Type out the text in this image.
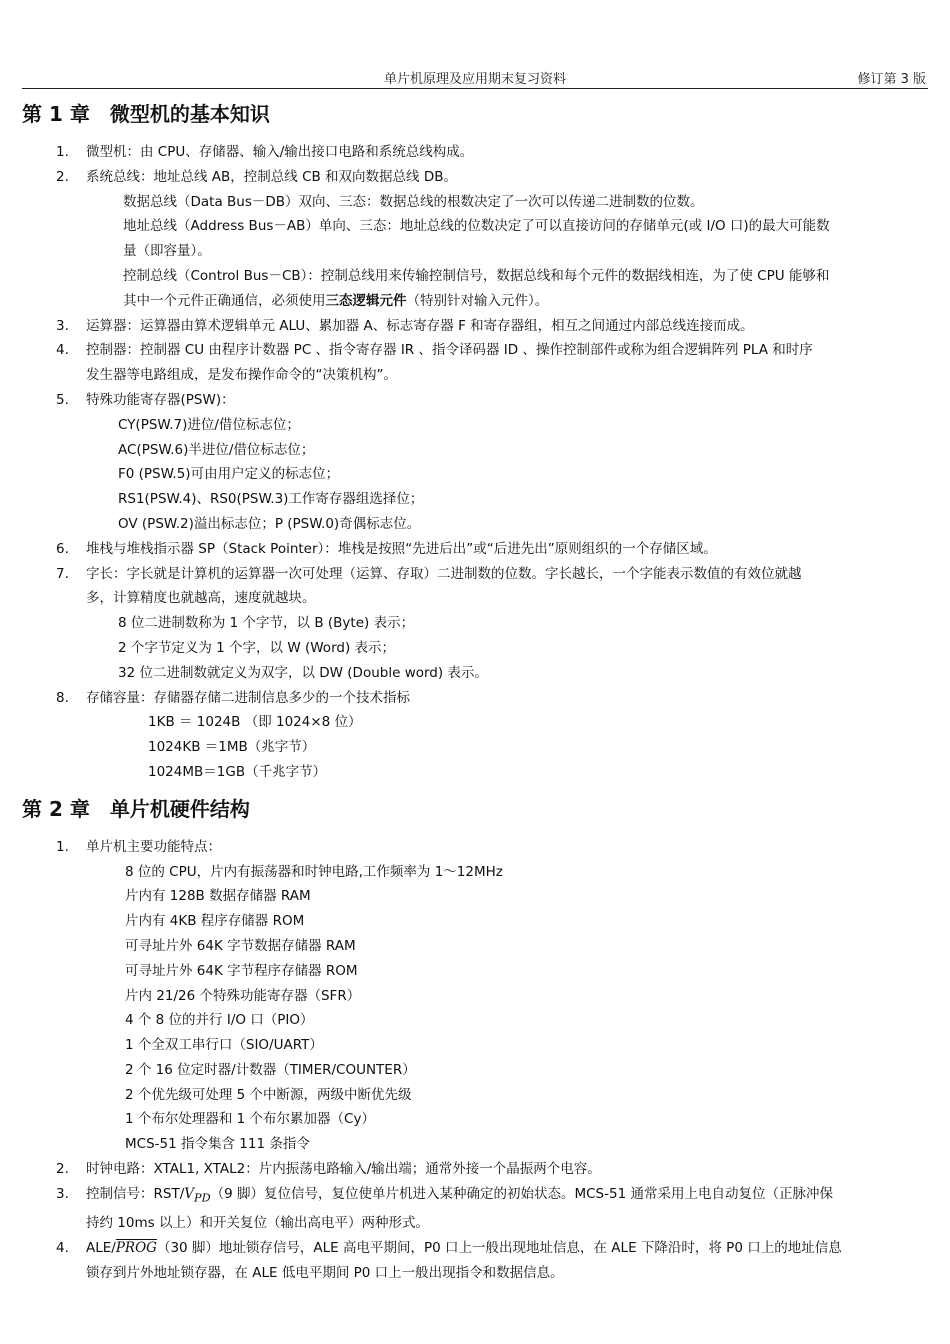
单片机原理及应用期末复习资料	修订第 3 版
第 1 章 微型机的基本知识
1. 微型机：由 CPU、存储器、输入/输出接口电路和系统总线构成。
2. 系统总线：地址总线 AB，控制总线 CB 和双向数据总线 DB。
数据总线（Data Bus－DB）双向、三态：数据总线的根数决定了一次可以传递二进制数的位数。
地址总线（Address Bus－AB）单向、三态：地址总线的位数决定了可以直接访问的存储单元(或 I/O 口)的最大可能数
量（即容量）。
控制总线（Control Bus－CB）：控制总线用来传输控制信号，数据总线和每个元件的数据线相连，为了使 CPU 能够和
其中一个元件正确通信，必须使用三态逻辑元件（特别针对输入元件）。
3. 运算器：运算器由算术逻辑单元 ALU、累加器 A、标志寄存器 F 和寄存器组，相互之间通过内部总线连接而成。
4. 控制器：控制器 CU 由程序计数器 PC 、指令寄存器 IR 、指令译码器 ID 、操作控制部件或称为组合逻辑阵列 PLA 和时序
发生器等电路组成，是发布操作命令的“决策机构”。
5. 特殊功能寄存器(PSW)：
CY(PSW.7)进位/借位标志位；
AC(PSW.6)半进位/借位标志位；
F0 (PSW.5)可由用户定义的标志位；
RS1(PSW.4)、RS0(PSW.3)工作寄存器组选择位；
OV (PSW.2)溢出标志位；P (PSW.0)奇偶标志位。
6. 堆栈与堆栈指示器 SP（Stack Pointer）：堆栈是按照“先进后出”或“后进先出”原则组织的一个存储区域。
7. 字长：字长就是计算机的运算器一次可处理（运算、存取）二进制数的位数。字长越长，一个字能表示数值的有效位就越
多，计算精度也就越高，速度就越块。
8 位二进制数称为 1 个字节，以 B (Byte) 表示；
2 个字节定义为 1 个字，以 W (Word) 表示；
32 位二进制数就定义为双字，以 DW (Double word) 表示。
8. 存储容量：存储器存储二进制信息多少的一个技术指标
1KB ＝ 1024B （即 1024×8 位）
1024KB ＝1MB（兆字节）
1024MB＝1GB（千兆字节）
第 2 章 单片机硬件结构
1. 单片机主要功能特点：
8 位的 CPU，片内有振荡器和时钟电路,工作频率为 1～12MHz
片内有 128B 数据存储器 RAM
片内有 4KB 程序存储器 ROM
可寻址片外 64K 字节数据存储器 RAM
可寻址片外 64K 字节程序存储器 ROM
片内 21/26 个特殊功能寄存器（SFR）
4 个 8 位的并行 I/O 口（PIO）
1 个全双工串行口（SIO/UART）
2 个 16 位定时器/计数器（TIMER/COUNTER）
2 个优先级可处理 5 个中断源，两级中断优先级
1 个布尔处理器和 1 个布尔累加器（Cy）
MCS-51 指令集含 111 条指令
2. 时钟电路：XTAL1, XTAL2：片内振荡电路输入/输出端；通常外接一个晶振两个电容。
3. 控制信号：RST/$V_{PD}(9$ 脚）复位信号，复位使单片机进入某种确定的初始状态。MCS-51 通常采用上电自动复位（正脉冲保
持约 10ms 以上）和开关复位（输出高电平）两种形式。
4. ALE/PROG（30 脚）地址锁存信号，ALE 高电平期间，P0 口上一般出现地址信息，在 ALE 下降沿时，将 P0 口上的地址信息
锁存到片外地址锁存器，在 ALE 低电平期间 P0 口上一般出现指令和数据信息。
